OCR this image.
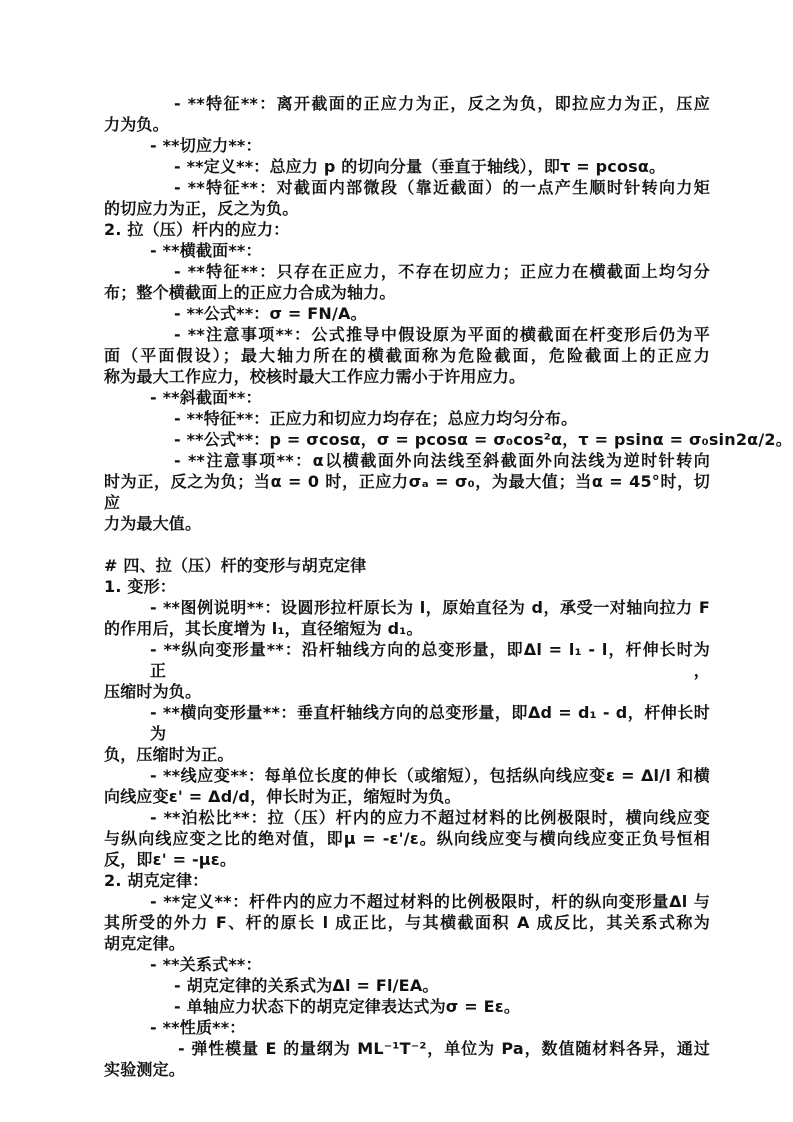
- **特征**：离开截面的正应力为正，反之为负，即拉应力为正，压应
力为负。
- **切应力**：
- **定义**：总应力 p 的切向分量（垂直于轴线），即τ = pcosα。
- **特征**：对截面内部微段（靠近截面）的一点产生顺时针转向力矩
的切应力为正，反之为负。
2. 拉（压）杆内的应力：
- **横截面**：
- **特征**：只存在正应力，不存在切应力；正应力在横截面上均匀分
布；整个横截面上的正应力合成为轴力。
- **公式**：σ = FN/A。
- **注意事项**：公式推导中假设原为平面的横截面在杆变形后仍为平
面（平面假设）；最大轴力所在的横截面称为危险截面，危险截面上的正应力
称为最大工作应力，校核时最大工作应力需小于许用应力。
- **斜截面**：
- **特征**：正应力和切应力均存在；总应力均匀分布。
- **公式**：p = σcosα，σ = pcosα = σ₀cos²α，τ = psinα = σ₀sin2α/2。
- **注意事项**：α以横截面外向法线至斜截面外向法线为逆时针转向
时为正，反之为负；当α = 0 时，正应力σₐ = σ₀，为最大值；当α = 45°时，切应
力为最大值。

# 四、拉（压）杆的变形与胡克定律
1. 变形：
- **图例说明**：设圆形拉杆原长为 l，原始直径为 d，承受一对轴向拉力 F
的作用后，其长度增为 l₁，直径缩短为 d₁。
- **纵向变形量**：沿杆轴线方向的总变形量，即Δl = l₁ - l，杆伸长时为正，
压缩时为负。
- **横向变形量**：垂直杆轴线方向的总变形量，即Δd = d₁ - d，杆伸长时为
负，压缩时为正。
- **线应变**：每单位长度的伸长（或缩短），包括纵向线应变ε = Δl/l 和横
向线应变ε' = Δd/d，伸长时为正，缩短时为负。
- **泊松比**：拉（压）杆内的应力不超过材料的比例极限时，横向线应变
与纵向线应变之比的绝对值，即μ = -ε'/ε。纵向线应变与横向线应变正负号恒相
反，即ε' = -με。
2. 胡克定律：
- **定义**：杆件内的应力不超过材料的比例极限时，杆的纵向变形量Δl 与
其所受的外力 F、杆的原长 l 成正比，与其横截面积 A 成反比，其关系式称为
胡克定律。
- **关系式**：
- 胡克定律的关系式为Δl = Fl/EA。
- 单轴应力状态下的胡克定律表达式为σ = Eε。
- **性质**：
- 弹性模量 E 的量纲为 ML⁻¹T⁻²，单位为 Pa，数值随材料各异，通过
实验测定。
